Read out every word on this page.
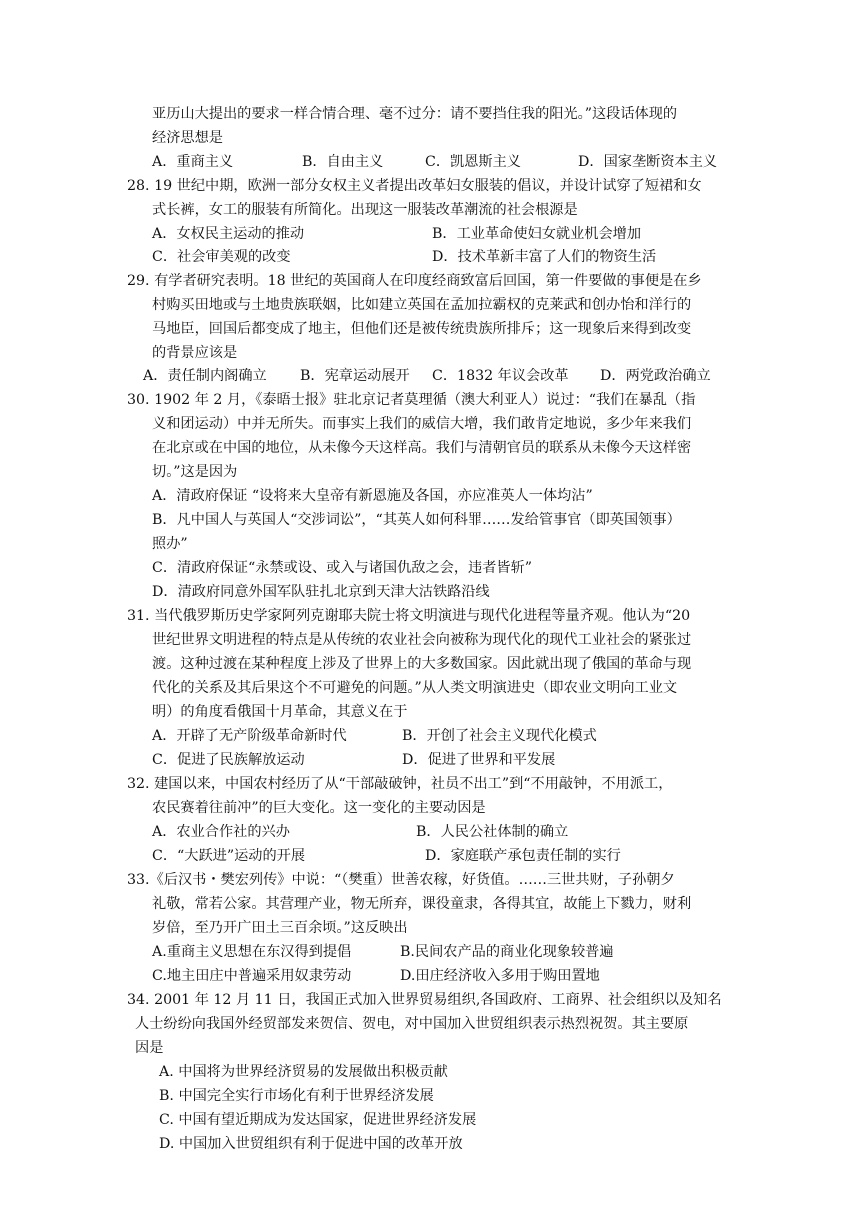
亚历山大提出的要求一样合情合理、毫不过分：请不要挡住我的阳光。”这段话体现的
经济思想是
A．重商主义	B．自由主义	C．凯恩斯主义	D．国家垄断资本主义
28. 19 世纪中期，欧洲一部分女权主义者提出改革妇女服装的倡议，并设计试穿了短裙和女
式长裤，女工的服装有所简化。出现这一服装改革潮流的社会根源是
A．女权民主运动的推动	B．工业革命使妇女就业机会增加
C．社会审美观的改变	D．技术革新丰富了人们的物资生活
29. 有学者研究表明。18 世纪的英国商人在印度经商致富后回国，第一件要做的事便是在乡
村购买田地或与土地贵族联姻，比如建立英国在孟加拉霸权的克莱武和创办怡和洋行的
马地臣，回国后都变成了地主，但他们还是被传统贵族所排斥；这一现象后来得到改变
的背景应该是
A．责任制内阁确立 B．宪章运动展开 C．1832 年议会改革 D．两党政治确立
30. 1902 年 2 月，《泰晤士报》驻北京记者莫理循（澳大利亚人）说过：“我们在暴乱（指
义和团运动）中并无所失。而事实上我们的威信大增，我们敢肯定地说，多少年来我们
在北京或在中国的地位，从未像今天这样高。我们与清朝官员的联系从未像今天这样密
切。”这是因为
A．清政府保证 “设将来大皇帝有新恩施及各国，亦应准英人一体均沾”
B．凡中国人与英国人“交涉词讼”，“其英人如何科罪……发给管事官（即英国领事）
照办”
C．清政府保证“永禁或设、或入与诸国仇敌之会，违者皆斩”
D．清政府同意外国军队驻扎北京到天津大沽铁路沿线
31. 当代俄罗斯历史学家阿列克谢耶夫院士将文明演进与现代化进程等量齐观。他认为“20
世纪世界文明进程的特点是从传统的农业社会向被称为现代化的现代工业社会的紧张过
渡。这种过渡在某种程度上涉及了世界上的大多数国家。因此就出现了俄国的革命与现
代化的关系及其后果这个不可避免的问题。”从人类文明演进史（即农业文明向工业文
明）的角度看俄国十月革命，其意义在于
A．开辟了无产阶级革命新时代	B．开创了社会主义现代化模式
C．促进了民族解放运动	D．促进了世界和平发展
32. 建国以来，中国农村经历了从“干部敲破钟，社员不出工”到“不用敲钟，不用派工，
农民赛着往前冲”的巨大变化。这一变化的主要动因是
A．农业合作社的兴办	B．人民公社体制的确立
C．“大跃进”运动的开展	D．家庭联产承包责任制的实行
33.《后汉书・樊宏列传》中说：“（樊重）世善农稼，好货值。……三世共财，子孙朝夕
礼敬，常若公家。其营理产业，物无所弃，课役童隶，各得其宜，故能上下戮力，财利
岁倍，至乃开广田土三百余顷。”这反映出
A.重商主义思想在东汉得到提倡	B.民间农产品的商业化现象较普遍
C.地主田庄中普遍采用奴隶劳动	D.田庄经济收入多用于购田置地
34. 2001 年 12 月 11 日，我国正式加入世界贸易组织,各国政府、工商界、社会组织以及知名
人士纷纷向我国外经贸部发来贺信、贺电，对中国加入世贸组织表示热烈祝贺。其主要原
因是
A. 中国将为世界经济贸易的发展做出积极贡献
B. 中国完全实行市场化有利于世界经济发展
C. 中国有望近期成为发达国家，促进世界经济发展
D. 中国加入世贸组织有利于促进中国的改革开放
